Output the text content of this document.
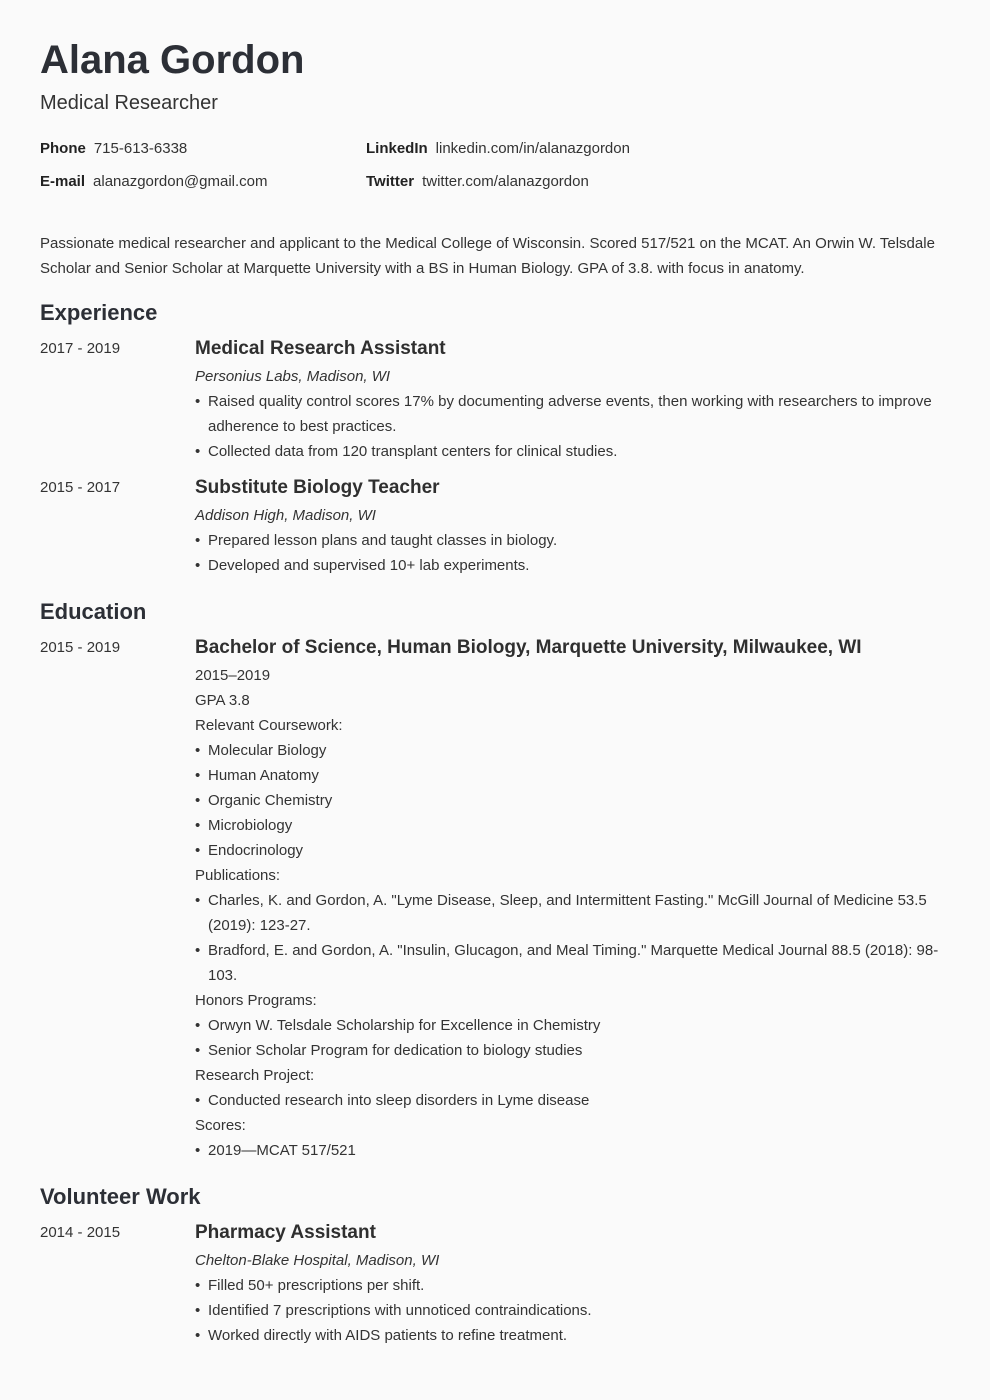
Alana Gordon
Medical Researcher
Phone 715-613-6338	LinkedIn linkedin.com/in/alanazgordon
E-mail alanazgordon@gmail.com	Twitter twitter.com/alanazgordon
Passionate medical researcher and applicant to the Medical College of Wisconsin. Scored 517/521 on the MCAT. An Orwin W. Telsdale Scholar and Senior Scholar at Marquette University with a BS in Human Biology. GPA of 3.8. with focus in anatomy.
Experience
2017 - 2019	Medical Research Assistant
Personius Labs, Madison, WI
• Raised quality control scores 17% by documenting adverse events, then working with researchers to improve adherence to best practices.
• Collected data from 120 transplant centers for clinical studies.
2015 - 2017	Substitute Biology Teacher
Addison High, Madison, WI
• Prepared lesson plans and taught classes in biology.
• Developed and supervised 10+ lab experiments.
Education
2015 - 2019	Bachelor of Science, Human Biology, Marquette University, Milwaukee, WI
2015–2019
GPA 3.8
Relevant Coursework:
• Molecular Biology
• Human Anatomy
• Organic Chemistry
• Microbiology
• Endocrinology
Publications:
• Charles, K. and Gordon, A. "Lyme Disease, Sleep, and Intermittent Fasting." McGill Journal of Medicine 53.5 (2019): 123-27.
• Bradford, E. and Gordon, A. "Insulin, Glucagon, and Meal Timing." Marquette Medical Journal 88.5 (2018): 98-103.
Honors Programs:
• Orwyn W. Telsdale Scholarship for Excellence in Chemistry
• Senior Scholar Program for dedication to biology studies
Research Project:
• Conducted research into sleep disorders in Lyme disease
Scores:
• 2019—MCAT 517/521
Volunteer Work
2014 - 2015	Pharmacy Assistant
Chelton-Blake Hospital, Madison, WI
• Filled 50+ prescriptions per shift.
• Identified 7 prescriptions with unnoticed contraindications.
• Worked directly with AIDS patients to refine treatment.
